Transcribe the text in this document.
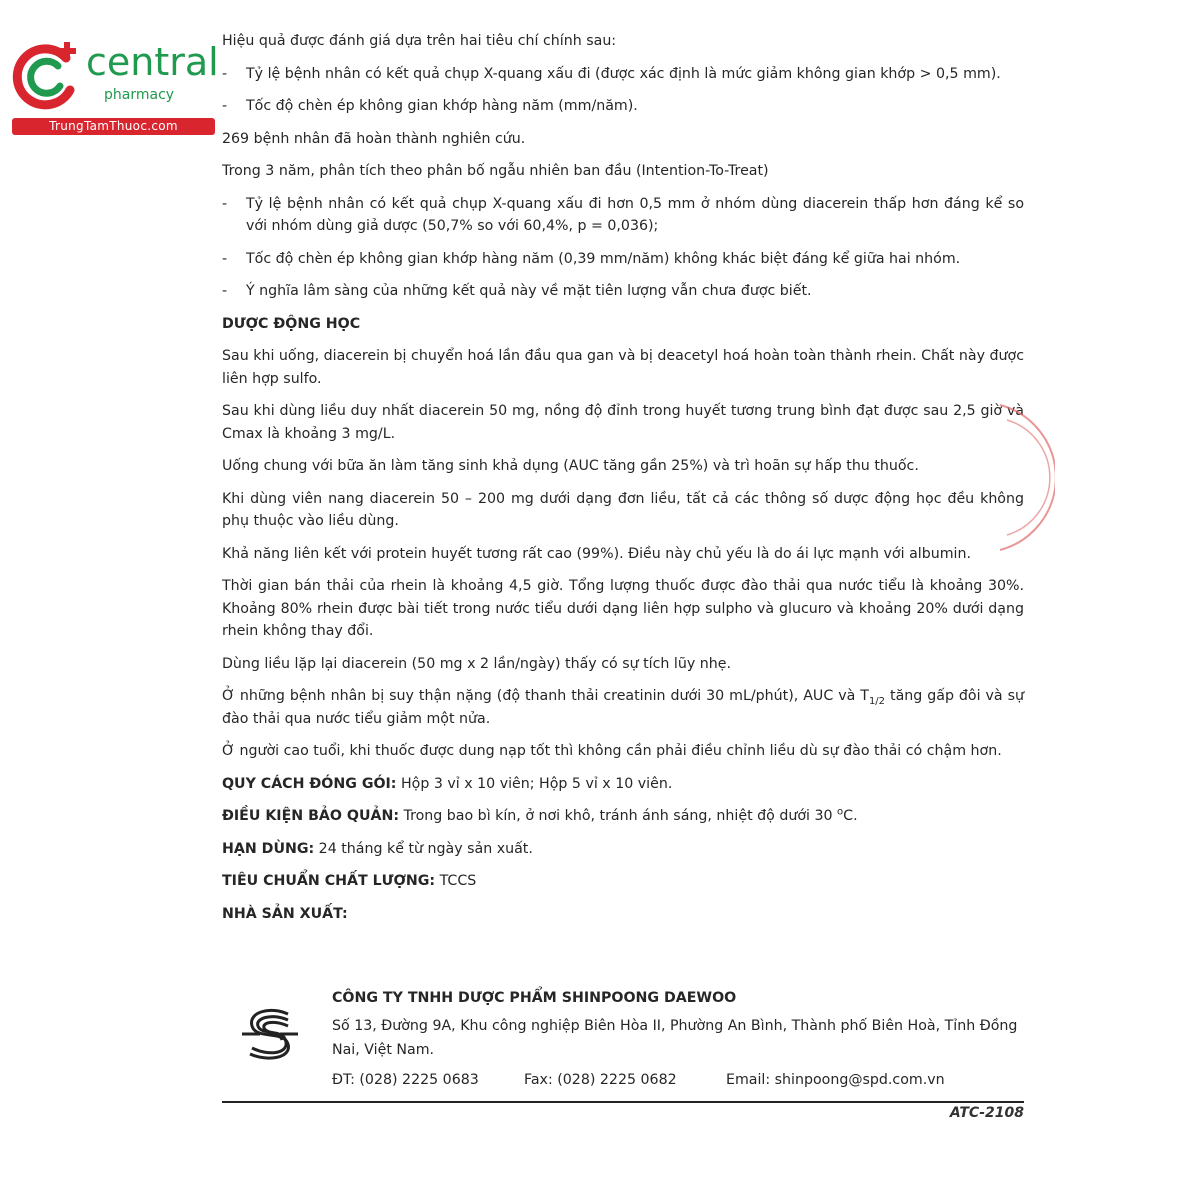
central
pharmacy
TrungTamThuoc.com

Hiệu quả được đánh giá dựa trên hai tiêu chí chính sau:

-	Tỷ lệ bệnh nhân có kết quả chụp X-quang xấu đi (được xác định là mức giảm không gian khớp > 0,5 mm).
-	Tốc độ chèn ép không gian khớp hàng năm (mm/năm).

269 bệnh nhân đã hoàn thành nghiên cứu.

Trong 3 năm, phân tích theo phân bố ngẫu nhiên ban đầu (Intention-To-Treat)

-	Tỷ lệ bệnh nhân có kết quả chụp X-quang xấu đi hơn 0,5 mm ở nhóm dùng diacerein thấp hơn đáng kể so với nhóm dùng giả dược (50,7% so với 60,4%, p = 0,036);
-	Tốc độ chèn ép không gian khớp hàng năm (0,39 mm/năm) không khác biệt đáng kể giữa hai nhóm.
-	Ý nghĩa lâm sàng của những kết quả này về mặt tiên lượng vẫn chưa được biết.
DƯỢC ĐỘNG HỌC

Sau khi uống, diacerein bị chuyển hoá lần đầu qua gan và bị deacetyl hoá hoàn toàn thành rhein. Chất này được liên hợp sulfo.

Sau khi dùng liều duy nhất diacerein 50 mg, nồng độ đỉnh trong huyết tương trung bình đạt được sau 2,5 giờ và Cmax là khoảng 3 mg/L.

Uống chung với bữa ăn làm tăng sinh khả dụng (AUC tăng gần 25%) và trì hoãn sự hấp thu thuốc.

Khi dùng viên nang diacerein 50 – 200 mg dưới dạng đơn liều, tất cả các thông số dược động học đều không phụ thuộc vào liều dùng.

Khả năng liên kết với protein huyết tương rất cao (99%). Điều này chủ yếu là do ái lực mạnh với albumin.

Thời gian bán thải của rhein là khoảng 4,5 giờ. Tổng lượng thuốc được đào thải qua nước tiểu là khoảng 30%. Khoảng 80% rhein được bài tiết trong nước tiểu dưới dạng liên hợp sulpho và glucuro và khoảng 20% dưới dạng rhein không thay đổi.

Dùng liều lặp lại diacerein (50 mg x 2 lần/ngày) thấy có sự tích lũy nhẹ.

Ở những bệnh nhân bị suy thận nặng (độ thanh thải creatinin dưới 30 mL/phút), AUC và $T_{1/2}$ tăng gấp đôi và sự đào thải qua nước tiểu giảm một nửa.

Ở người cao tuổi, khi thuốc được dung nạp tốt thì không cần phải điều chỉnh liều dù sự đào thải có chậm hơn.

QUY CÁCH ĐÓNG GÓI: Hộp 3 vỉ x 10 viên; Hộp 5 vỉ x 10 viên.

ĐIỀU KIỆN BẢO QUẢN: Trong bao bì kín, ở nơi khô, tránh ánh sáng, nhiệt độ dưới 30 $^o$C.

HẠN DÙNG: 24 tháng kể từ ngày sản xuất.

TIÊU CHUẨN CHẤT LƯỢNG: TCCS

NHÀ SẢN XUẤT:

CÔNG TY TNHH DƯỢC PHẨM SHINPOONG DAEWOO
Số 13, Đường 9A, Khu công nghiệp Biên Hòa II, Phường An Bình, Thành phố Biên Hoà, Tỉnh Đồng Nai, Việt Nam.
ĐT: (028) 2225 0683	Fax: (028) 2225 0682	Email: shinpoong@spd.com.vn
ATC-2108
